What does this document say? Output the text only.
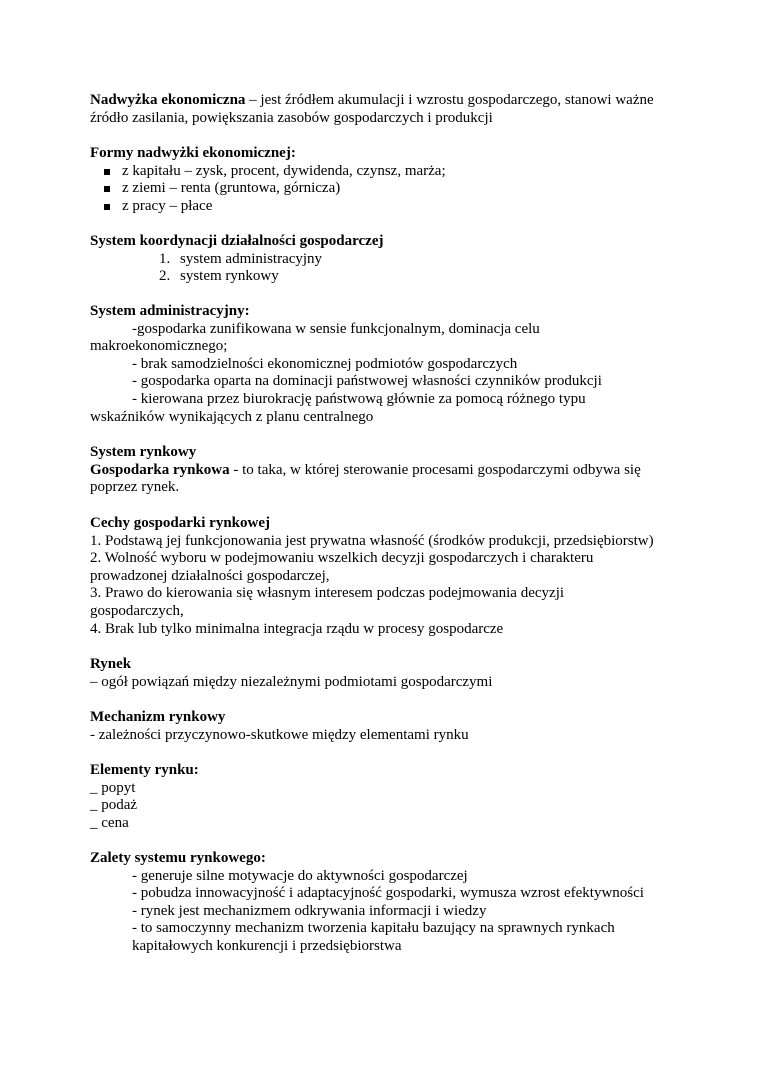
Nadwyżka ekonomiczna – jest źródłem akumulacji i wzrostu gospodarczego, stanowi ważne
źródło zasilania, powiększania zasobów gospodarczych i produkcji
Formy nadwyżki ekonomicznej:
z kapitału – zysk, procent, dywidenda, czynsz, marża;
z ziemi – renta (gruntowa, górnicza)
z pracy – płace
System koordynacji działalności gospodarczej
1. system administracyjny
2. system rynkowy
System administracyjny:
-gospodarka zunifikowana w sensie funkcjonalnym, dominacja celu
makroekonomicznego;
- brak samodzielności ekonomicznej podmiotów gospodarczych
- gospodarka oparta na dominacji państwowej własności czynników produkcji
- kierowana przez biurokrację państwową głównie za pomocą różnego typu
wskaźników wynikających z planu centralnego
System rynkowy
Gospodarka rynkowa - to taka, w której sterowanie procesami gospodarczymi odbywa się
poprzez rynek.
Cechy gospodarki rynkowej
1. Podstawą jej funkcjonowania jest prywatna własność (środków produkcji, przedsiębiorstw)
2. Wolność wyboru w podejmowaniu wszelkich decyzji gospodarczych i charakteru
prowadzonej działalności gospodarczej,
3. Prawo do kierowania się własnym interesem podczas podejmowania decyzji
gospodarczych,
4. Brak lub tylko minimalna integracja rządu w procesy gospodarcze
Rynek
– ogół powiązań między niezależnymi podmiotami gospodarczymi
Mechanizm rynkowy
- zależności przyczynowo-skutkowe między elementami rynku
Elementy rynku:
_ popyt
_ podaż
_ cena
Zalety systemu rynkowego:
- generuje silne motywacje do aktywności gospodarczej
- pobudza innowacyjność i adaptacyjność gospodarki, wymusza wzrost efektywności
- rynek jest mechanizmem odkrywania informacji i wiedzy
- to samoczynny mechanizm tworzenia kapitału bazujący na sprawnych rynkach
kapitałowych konkurencji i przedsiębiorstwa
